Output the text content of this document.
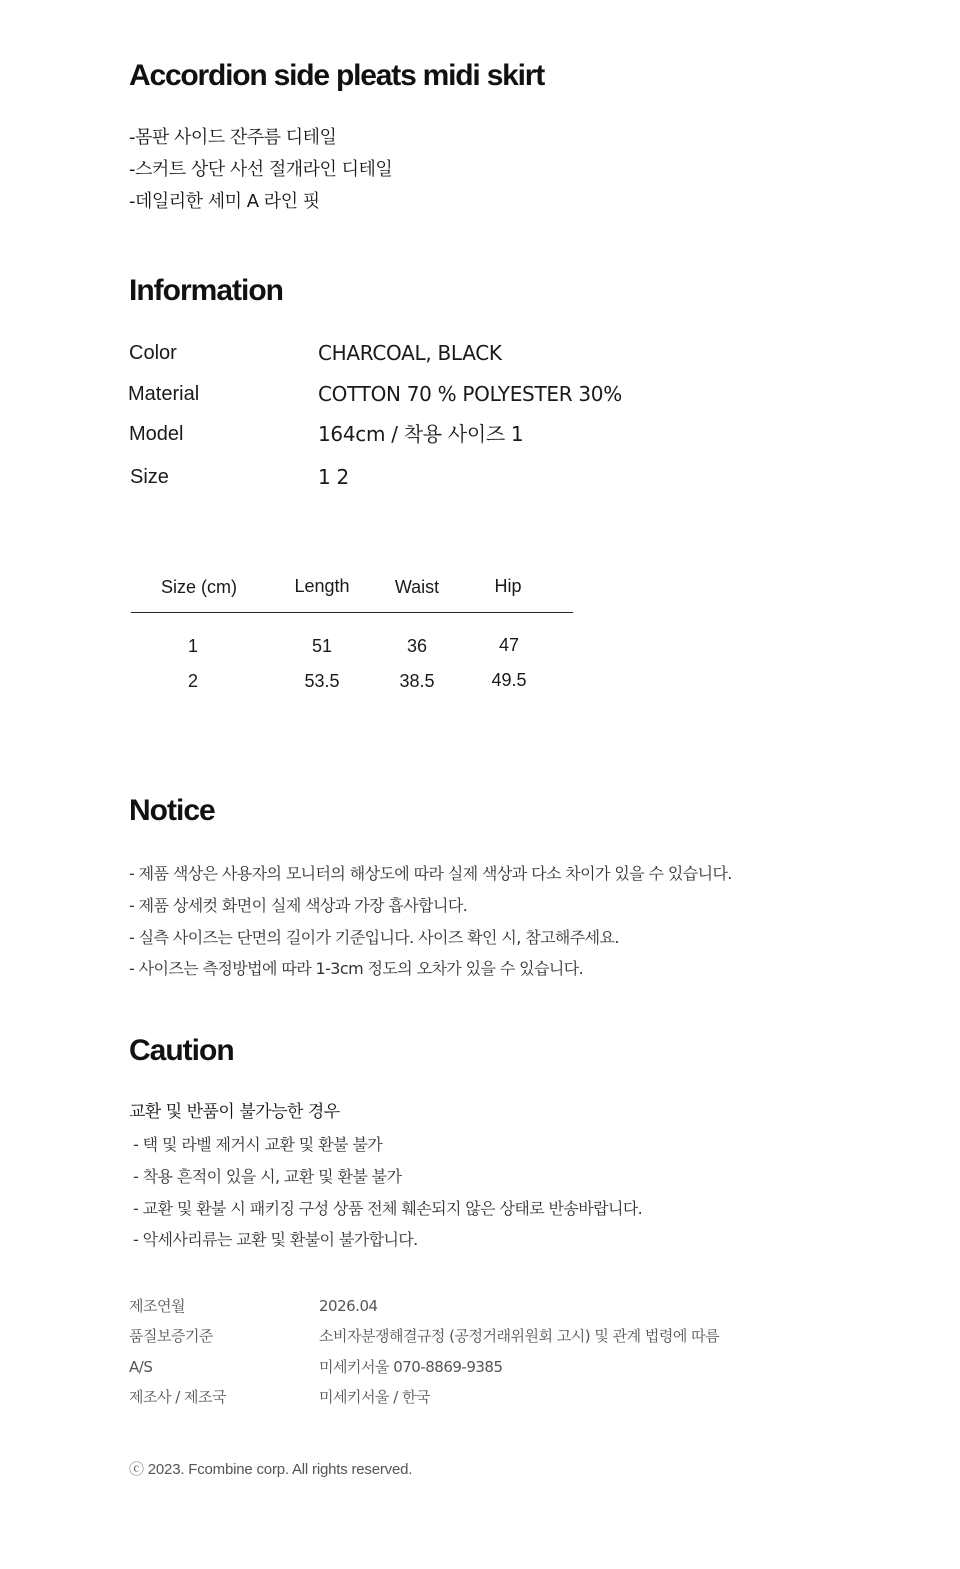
Accordion side pleats midi skirt
-몸판 사이드 잔주름 디테일
-스커트 상단 사선 절개라인 디테일
-데일리한 세미 A 라인 핏
Information
Color	CHARCOAL, BLACK
Material	COTTON 70 % POLYESTER 30%
Model	164cm / 착용 사이즈 1
Size	1 2
Size (cm)	Length	Waist	Hip
1	51	36	47
2	53.5	38.5	49.5
Notice
- 제품 색상은 사용자의 모니터의 해상도에 따라 실제 색상과 다소 차이가 있을 수 있습니다.
- 제품 상세컷 화면이 실제 색상과 가장 흡사합니다.
- 실측 사이즈는 단면의 길이가 기준입니다. 사이즈 확인 시, 참고해주세요.
- 사이즈는 측정방법에 따라 1-3cm 정도의 오차가 있을 수 있습니다.
Caution
교환 및 반품이 불가능한 경우
- 택 및 라벨 제거시 교환 및 환불 불가
- 착용 흔적이 있을 시, 교환 및 환불 불가
- 교환 및 환불 시 패키징 구성 상품 전체 훼손되지 않은 상태로 반송바랍니다.
- 악세사리류는 교환 및 환불이 불가합니다.
제조연월	2026.04
품질보증기준	소비자분쟁해결규정 (공정거래위원회 고시) 및 관계 법령에 따름
A/S	미세키서울 070-8869-9385
제조사 / 제조국	미세키서울 / 한국
ⓒ 2023. Fcombine corp. All rights reserved.
